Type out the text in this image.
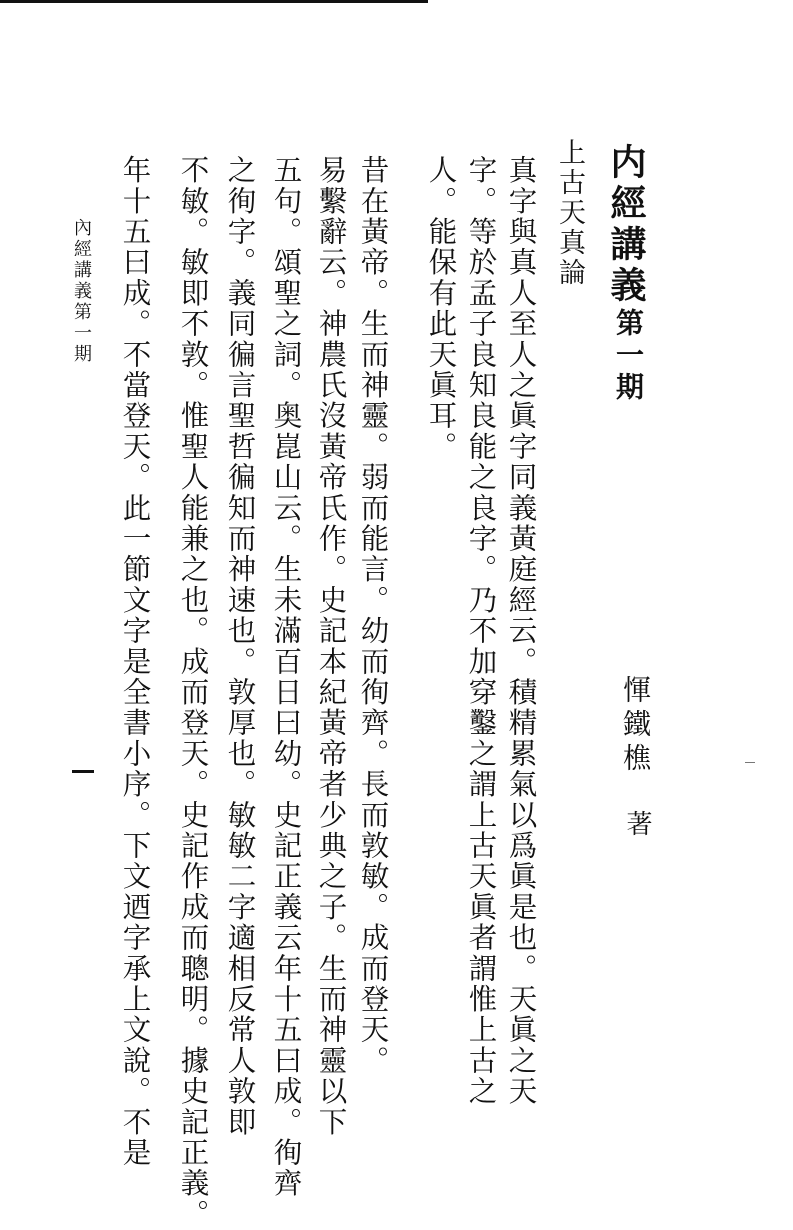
内經講義
第一期
惲鐵樵
著
上古天真論
真字與真人至人之眞字同義黃庭經云。積精累氣以爲眞是也。天眞之天
字。等於孟子良知良能之良字。乃不加穿鑿之謂上古天眞者謂惟上古之
人。能保有此天眞耳。
昔在黃帝。生而神靈。弱而能言。幼而徇齊。長而敦敏。成而登天。
易繫辭云。神農氏沒黃帝氏作。史記本紀黃帝者少典之子。生而神靈以下
五句。頌聖之詞。奥崑山云。生未滿百日曰幼。史記正義云年十五曰成。徇齊
之徇字。義同徧言聖哲徧知而神速也。敦厚也。敏敏二字適相反常人敦即
不敏。敏即不敦。惟聖人能兼之也。成而登天。史記作成而聰明。據史記正義。
年十五曰成。不當登天。此一節文字是全書小序。下文迺字承上文說。不是
內經講義第一期
